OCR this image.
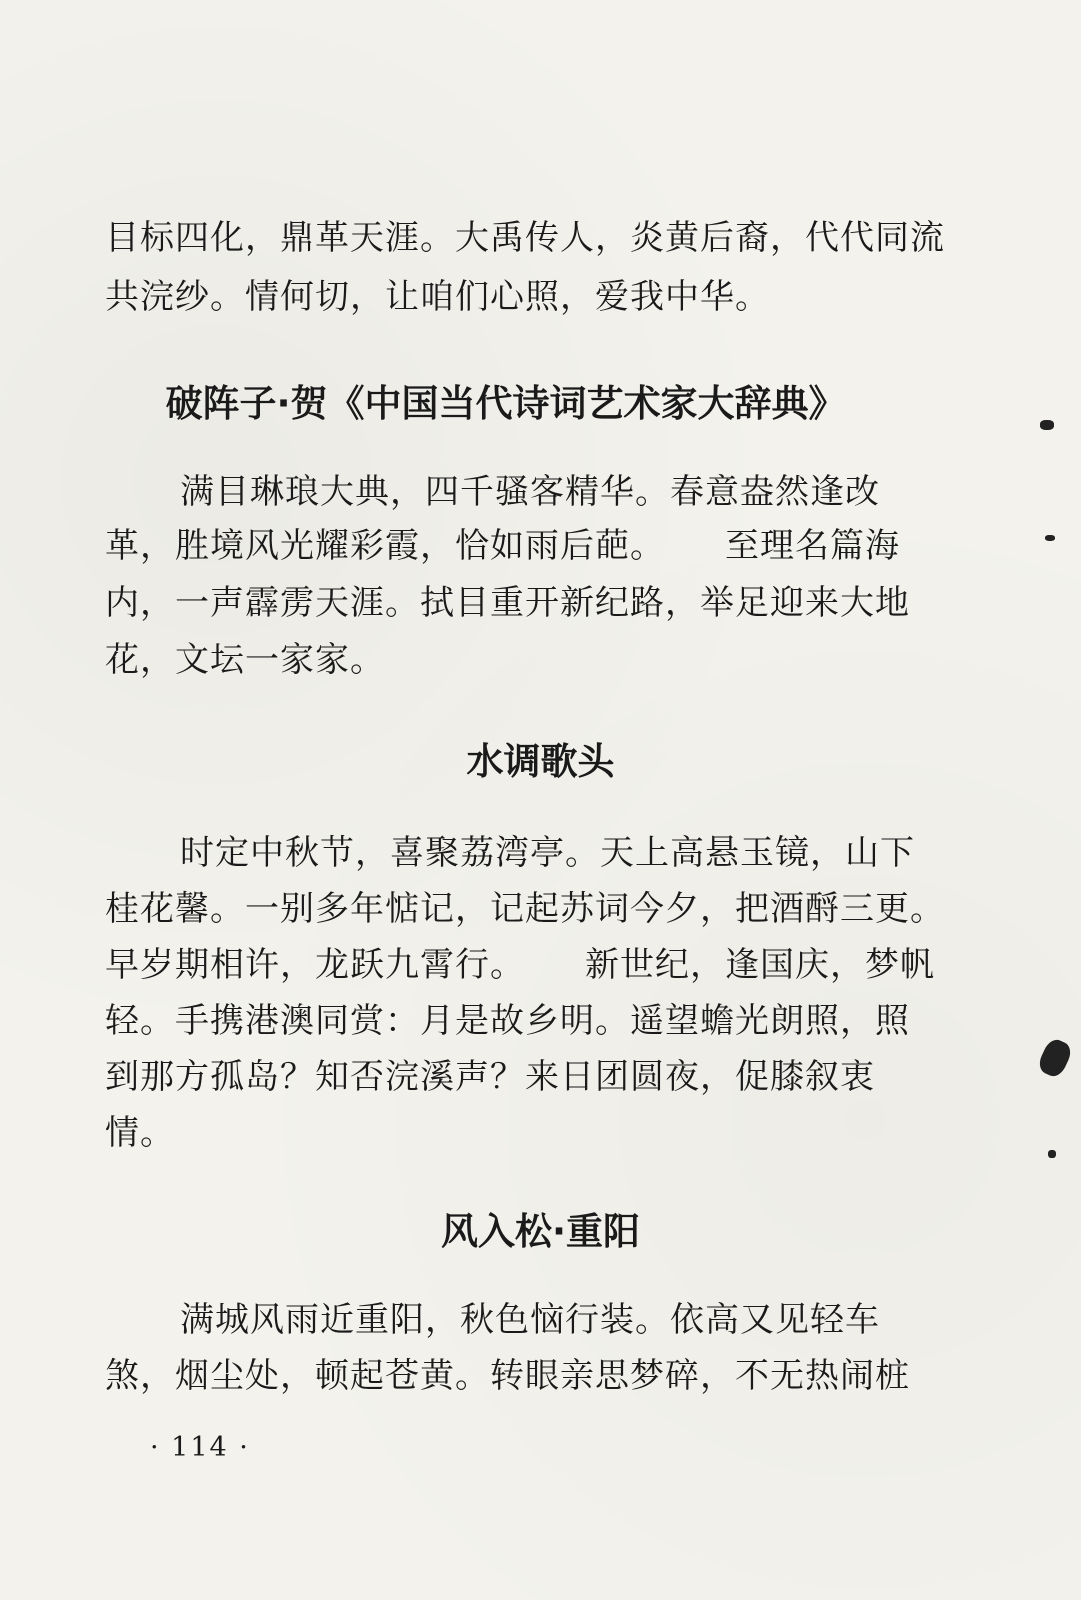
目标四化，鼎革天涯。大禹传人，炎黄后裔，代代同流
共浣纱。情何切，让咱们心照，爱我中华。
破阵子·贺《中国当代诗词艺术家大辞典》
满目琳琅大典，四千骚客精华。春意盎然逢改
革，胜境风光耀彩霞，恰如雨后葩。 至理名篇海
内，一声霹雳天涯。拭目重开新纪路，举足迎来大地
花，文坛一家家。
水调歌头
时定中秋节，喜聚荔湾亭。天上高悬玉镜，山下
桂花馨。一别多年惦记，记起苏词今夕，把酒酹三更。
早岁期相许，龙跃九霄行。 新世纪，逢国庆，梦帆
轻。手携港澳同赏：月是故乡明。遥望蟾光朗照，照
到那方孤岛？知否浣溪声？来日团圆夜，促膝叙衷
情。
风入松·重阳
满城风雨近重阳，秋色恼行装。依高又见轻车
煞，烟尘处，顿起苍黄。转眼亲思梦碎，不无热闹桩
· 114 ·
